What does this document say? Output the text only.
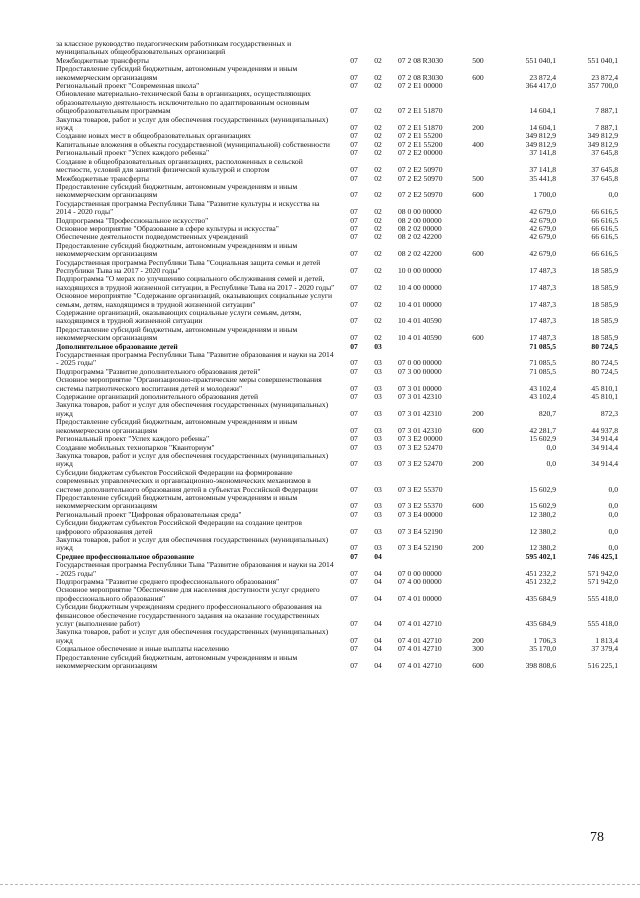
за классное руководство педагогическим работникам государственных и муниципальных общеобразовательных организаций
Межбюджетные трансферты	07	02	07 2 08 R3030	500	551 040,1	551 040,1
Предоставление субсидий бюджетным, автономным учреждениям и иным некоммерческим организациям	07	02	07 2 08 R3030	600	23 872,4	23 872,4
Региональный проект "Современная школа"	07	02	07 2 E1 00000	364 417,0	357 700,0
Обновление материально-технической базы в организациях, осуществляющих образовательную деятельность исключительно по адаптированным основным общеобразовательным программам	07	02	07 2 E1 51870	14 604,1	7 887,1
Закупка товаров, работ и услуг для обеспечения государственных (муниципальных) нужд	07	02	07 2 E1 51870	200	14 604,1	7 887,1
Создание новых мест в общеобразовательных организациях	07	02	07 2 E1 55200	349 812,9	349 812,9
Капитальные вложения в объекты государственной (муниципальной) собственности	07	02	07 2 E1 55200	400	349 812,9	349 812,9
Региональный проект "Успех каждого ребенка"	07	02	07 2 E2 00000	37 141,8	37 645,8
Создание в общеобразовательных организациях, расположенных в сельской местности, условий для занятий физической культурой и спортом	07	02	07 2 E2 50970	37 141,8	37 645,8
Межбюджетные трансферты	07	02	07 2 E2 50970	500	35 441,8	37 645,8
Предоставление субсидий бюджетным, автономным учреждениям и иным некоммерческим организациям	07	02	07 2 E2 50970	600	1 700,0	0,0
Государственная программа Республики Тыва "Развитие культуры и искусства на 2014 - 2020 годы"	07	02	08 0 00 00000	42 679,0	66 616,5
Подпрограмма "Профессиональное искусство"	07	02	08 2 00 00000	42 679,0	66 616,5
Основное мероприятие "Образование в сфере культуры и искусства"	07	02	08 2 02 00000	42 679,0	66 616,5
Обеспечение деятельности подведомственных учреждений	07	02	08 2 02 42200	42 679,0	66 616,5
Предоставление субсидий бюджетным, автономным учреждениям и иным некоммерческим организациям	07	02	08 2 02 42200	600	42 679,0	66 616,5
Государственная программа Республики Тыва "Социальная защита семьи и детей Республики Тыва на 2017 - 2020 годы"	07	02	10 0 00 00000	17 487,3	18 585,9
Подпрограмма "О мерах по улучшению социального обслуживания семей и детей, находящихся в трудной жизненной ситуации, в Республике Тыва на 2017 - 2020 годы"	07	02	10 4 00 00000	17 487,3	18 585,9
Основное мероприятие "Содержание организаций, оказывающих социальные услуги семьям, детям, находящимся в трудной жизненной ситуации"	07	02	10 4 01 00000	17 487,3	18 585,9
Содержание организаций, оказывающих социальные услуги семьям, детям, находящимся в трудной жизненной ситуации	07	02	10 4 01 40590	17 487,3	18 585,9
Предоставление субсидий бюджетным, автономным учреждениям и иным некоммерческим организациям	07	02	10 4 01 40590	600	17 487,3	18 585,9
Дополнительное образование детей	07	03	71 085,5	80 724,5
Государственная программа Республики Тыва "Развитие образования и науки на 2014 - 2025 годы"	07	03	07 0 00 00000	71 085,5	80 724,5
Подпрограмма "Развитие дополнительного образования детей"	07	03	07 3 00 00000	71 085,5	80 724,5
Основное мероприятие "Организационно-практические меры совершенствования системы патриотического воспитания детей и молодежи"	07	03	07 3 01 00000	43 102,4	45 810,1
Содержание организаций дополнительного образования детей	07	03	07 3 01 42310	43 102,4	45 810,1
Закупка товаров, работ и услуг для обеспечения государственных (муниципальных) нужд	07	03	07 3 01 42310	200	820,7	872,3
Предоставление субсидий бюджетным, автономным учреждениям и иным некоммерческим организациям	07	03	07 3 01 42310	600	42 281,7	44 937,8
Региональный проект "Успех каждого ребенка"	07	03	07 3 E2 00000	15 602,9	34 914,4
Создание мобильных технопарков "Кванториум"	07	03	07 3 E2 52470	0,0	34 914,4
Закупка товаров, работ и услуг для обеспечения государственных (муниципальных) нужд	07	03	07 3 E2 52470	200	0,0	34 914,4
Субсидии бюджетам субъектов Российской Федерации на формирование современных управленческих и организационно-экономических механизмов в системе дополнительного образования детей в субъектах Российской Федерации	07	03	07 3 E2 55370	15 602,9	0,0
Предоставление субсидий бюджетным, автономным учреждениям и иным некоммерческим организациям	07	03	07 3 E2 55370	600	15 602,9	0,0
Региональный проект "Цифровая образовательная среда"	07	03	07 3 E4 00000	12 380,2	0,0
Субсидии бюджетам субъектов Российской Федерации на создание центров цифрового образования детей	07	03	07 3 E4 52190	12 380,2	0,0
Закупка товаров, работ и услуг для обеспечения государственных (муниципальных) нужд	07	03	07 3 E4 52190	200	12 380,2	0,0
Среднее профессиональное образование	07	04	595 402,1	746 425,1
Государственная программа Республики Тыва "Развитие образования и науки на 2014 - 2025 годы"	07	04	07 0 00 00000	451 232,2	571 942,0
Подпрограмма "Развитие среднего профессионального образования"	07	04	07 4 00 00000	451 232,2	571 942,0
Основное мероприятие "Обеспечение для населения доступности услуг среднего профессионального образования"	07	04	07 4 01 00000	435 684,9	555 418,0
Субсидии бюджетным учреждениям среднего профессионального образования на финансовое обеспечение государственного задания на оказание государственных услуг (выполнение работ)	07	04	07 4 01 42710	435 684,9	555 418,0
Закупка товаров, работ и услуг для обеспечения государственных (муниципальных) нужд	07	04	07 4 01 42710	200	1 706,3	1 813,4
Социальное обеспечение и иные выплаты населению	07	04	07 4 01 42710	300	35 170,0	37 379,4
Предоставление субсидий бюджетным, автономным учреждениям и иным некоммерческим организациям	07	04	07 4 01 42710	600	398 808,6	516 225,1
78
